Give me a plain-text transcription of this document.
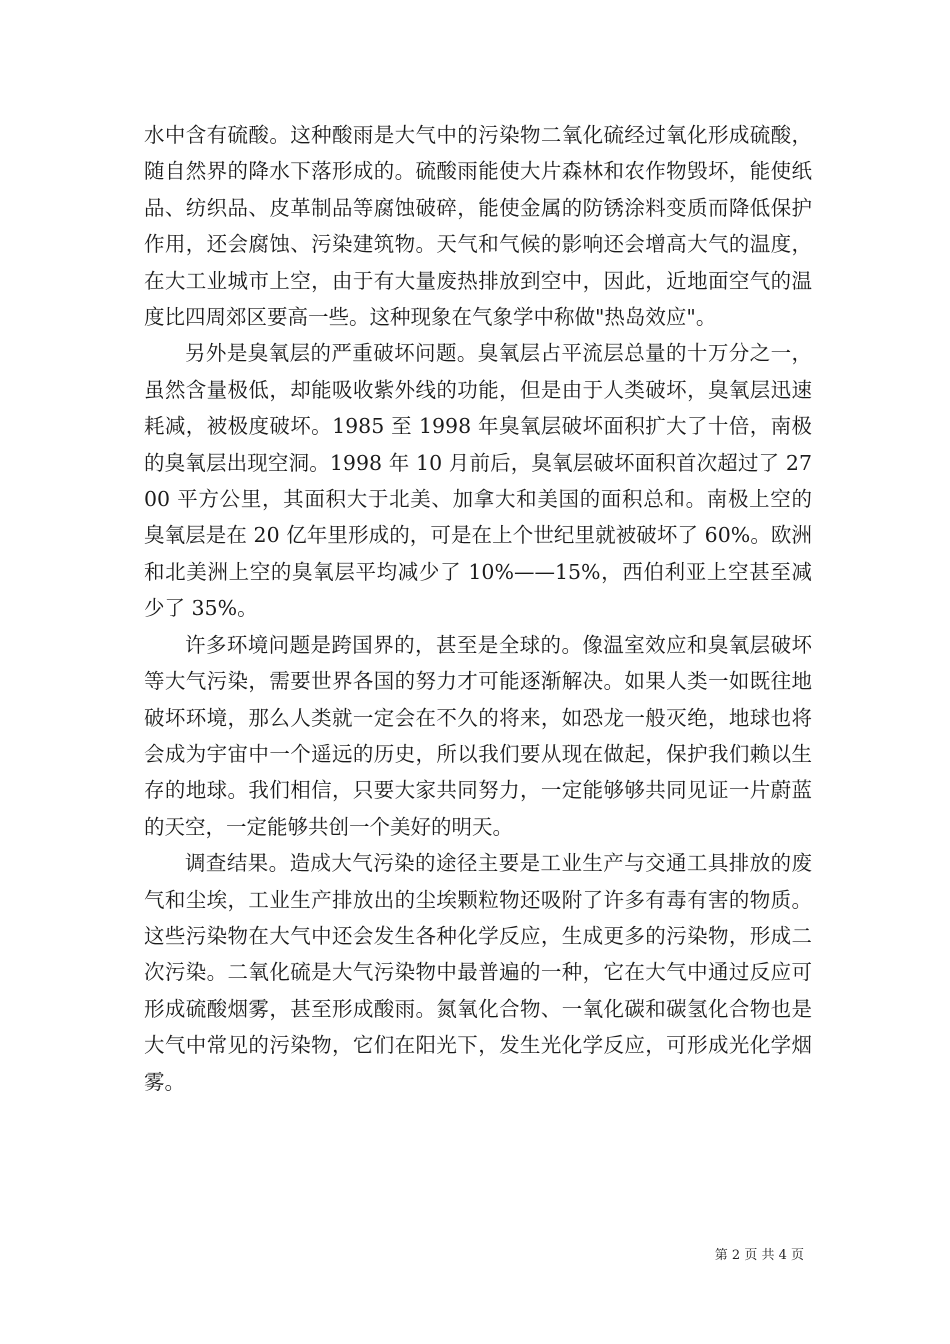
水中含有硫酸。这种酸雨是大气中的污染物二氧化硫经过氧化形成硫酸，随自然界的降水下落形成的。硫酸雨能使大片森林和农作物毁坏，能使纸品、纺织品、皮革制品等腐蚀破碎，能使金属的防锈涂料变质而降低保护作用，还会腐蚀、污染建筑物。天气和气候的影响还会增高大气的温度，在大工业城市上空，由于有大量废热排放到空中，因此，近地面空气的温度比四周郊区要高一些。这种现象在气象学中称做"热岛效应"。

另外是臭氧层的严重破坏问题。臭氧层占平流层总量的十万分之一，虽然含量极低，却能吸收紫外线的功能，但是由于人类破坏，臭氧层迅速耗减，被极度破坏。1985 至 1998 年臭氧层破坏面积扩大了十倍，南极的臭氧层出现空洞。1998 年 10 月前后，臭氧层破坏面积首次超过了 2700 平方公里，其面积大于北美、加拿大和美国的面积总和。南极上空的臭氧层是在 20 亿年里形成的，可是在上个世纪里就被破坏了 60%。欧洲和北美洲上空的臭氧层平均减少了 10%——15%，西伯利亚上空甚至减少了 35%。

许多环境问题是跨国界的，甚至是全球的。像温室效应和臭氧层破坏等大气污染，需要世界各国的努力才可能逐渐解决。如果人类一如既往地破坏环境，那么人类就一定会在不久的将来，如恐龙一般灭绝，地球也将会成为宇宙中一个遥远的历史，所以我们要从现在做起，保护我们赖以生存的地球。我们相信，只要大家共同努力，一定能够够共同见证一片蔚蓝的天空，一定能够共创一个美好的明天。

调查结果。造成大气污染的途径主要是工业生产与交通工具排放的废气和尘埃，工业生产排放出的尘埃颗粒物还吸附了许多有毒有害的物质。这些污染物在大气中还会发生各种化学反应，生成更多的污染物，形成二次污染。二氧化硫是大气污染物中最普遍的一种，它在大气中通过反应可形成硫酸烟雾，甚至形成酸雨。氮氧化合物、一氧化碳和碳氢化合物也是大气中常见的污染物，它们在阳光下，发生光化学反应，可形成光化学烟雾。

第 2 页 共 4 页
